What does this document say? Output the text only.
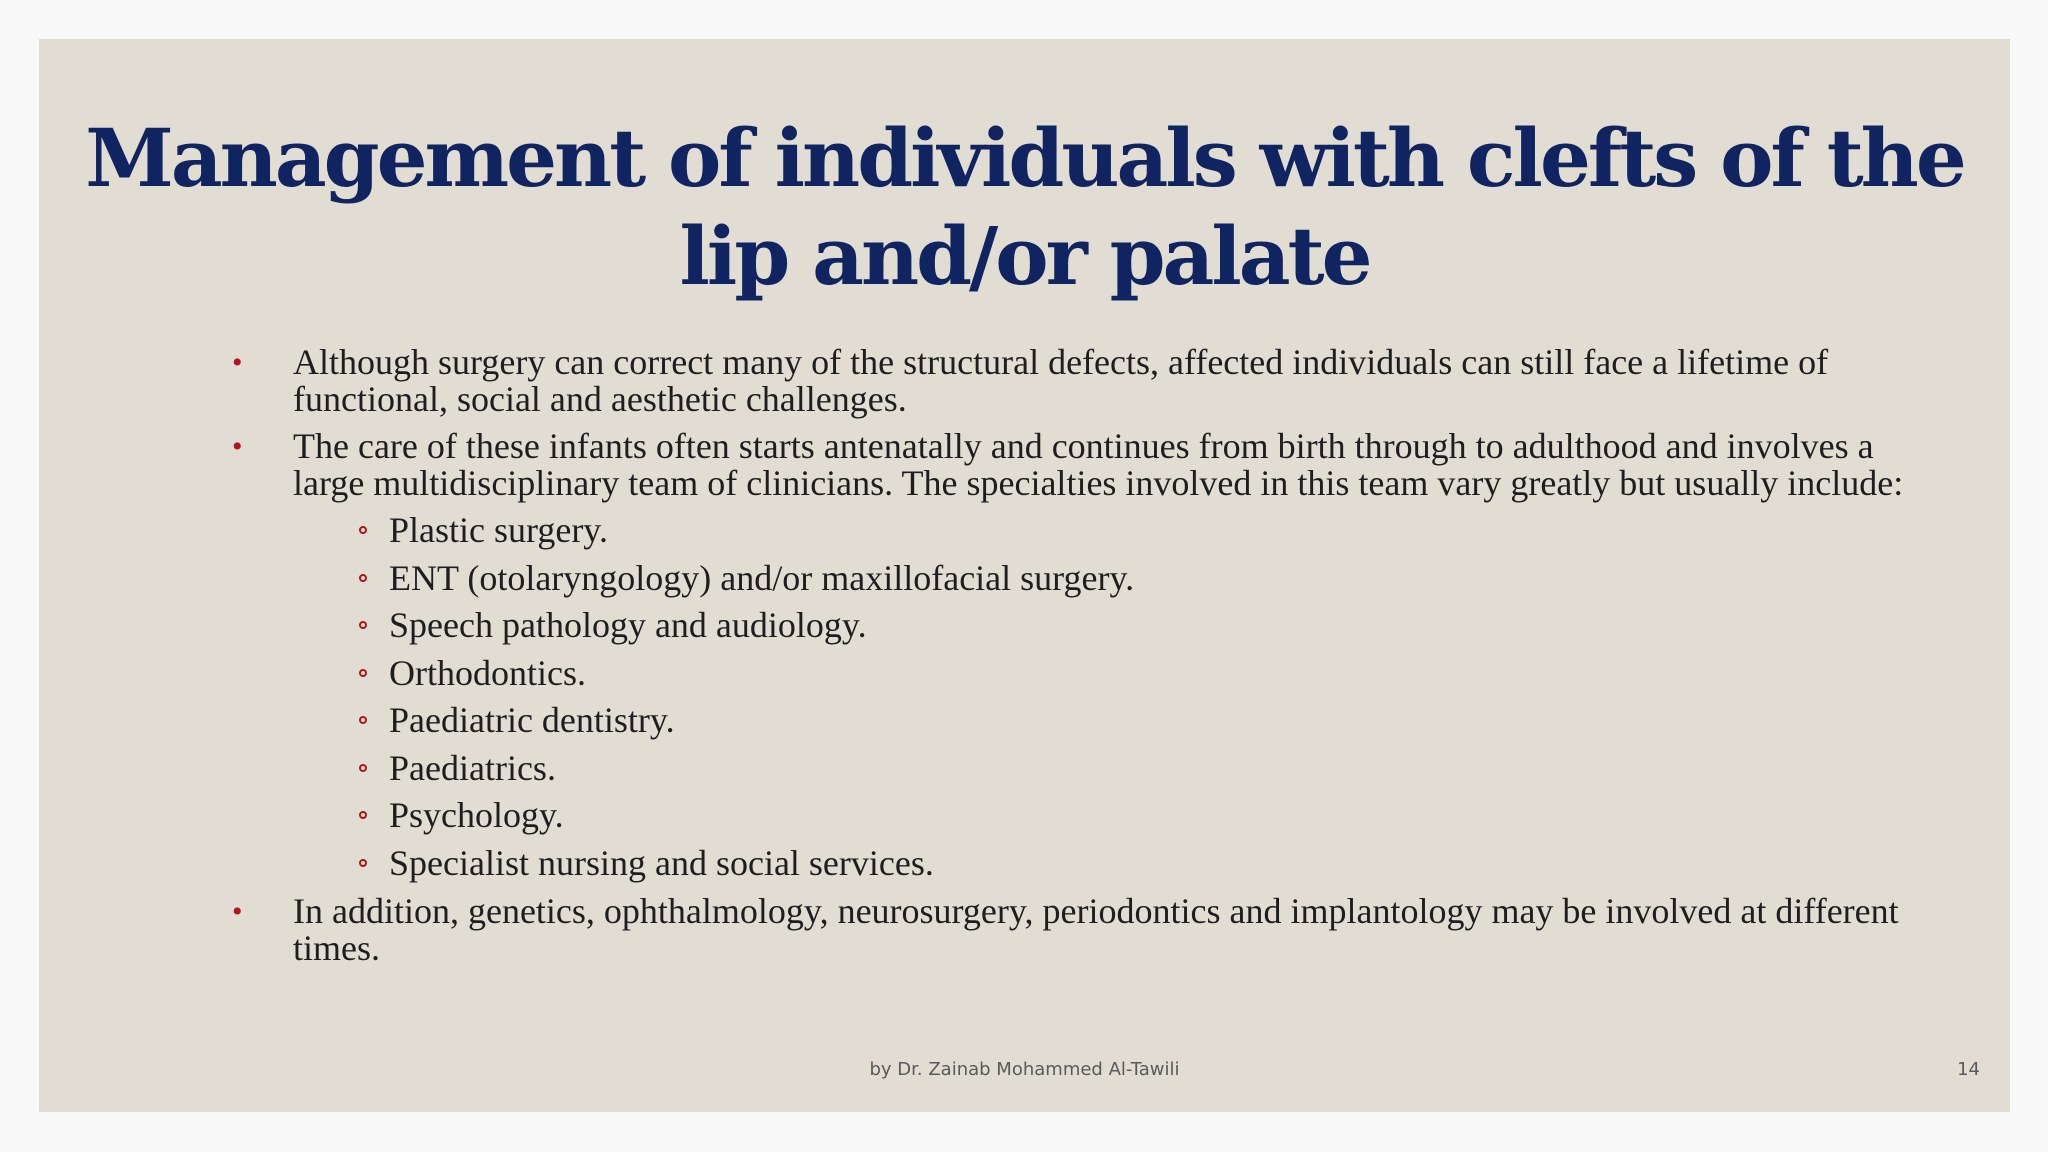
Management of individuals with clefts of the
lip and/or palate
• Although surgery can correct many of the structural defects, affected individuals can still face a lifetime of functional, social and aesthetic challenges.
• The care of these infants often starts antenatally and continues from birth through to adulthood and involves a large multidisciplinary team of clinicians. The specialties involved in this team vary greatly but usually include:
Plastic surgery.
ENT (otolaryngology) and/or maxillofacial surgery.
Speech pathology and audiology.
Orthodontics.
Paediatric dentistry.
Paediatrics.
Psychology.
Specialist nursing and social services.
• In addition, genetics, ophthalmology, neurosurgery, periodontics and implantology may be involved at different times.
by Dr. Zainab Mohammed Al-Tawili	14
